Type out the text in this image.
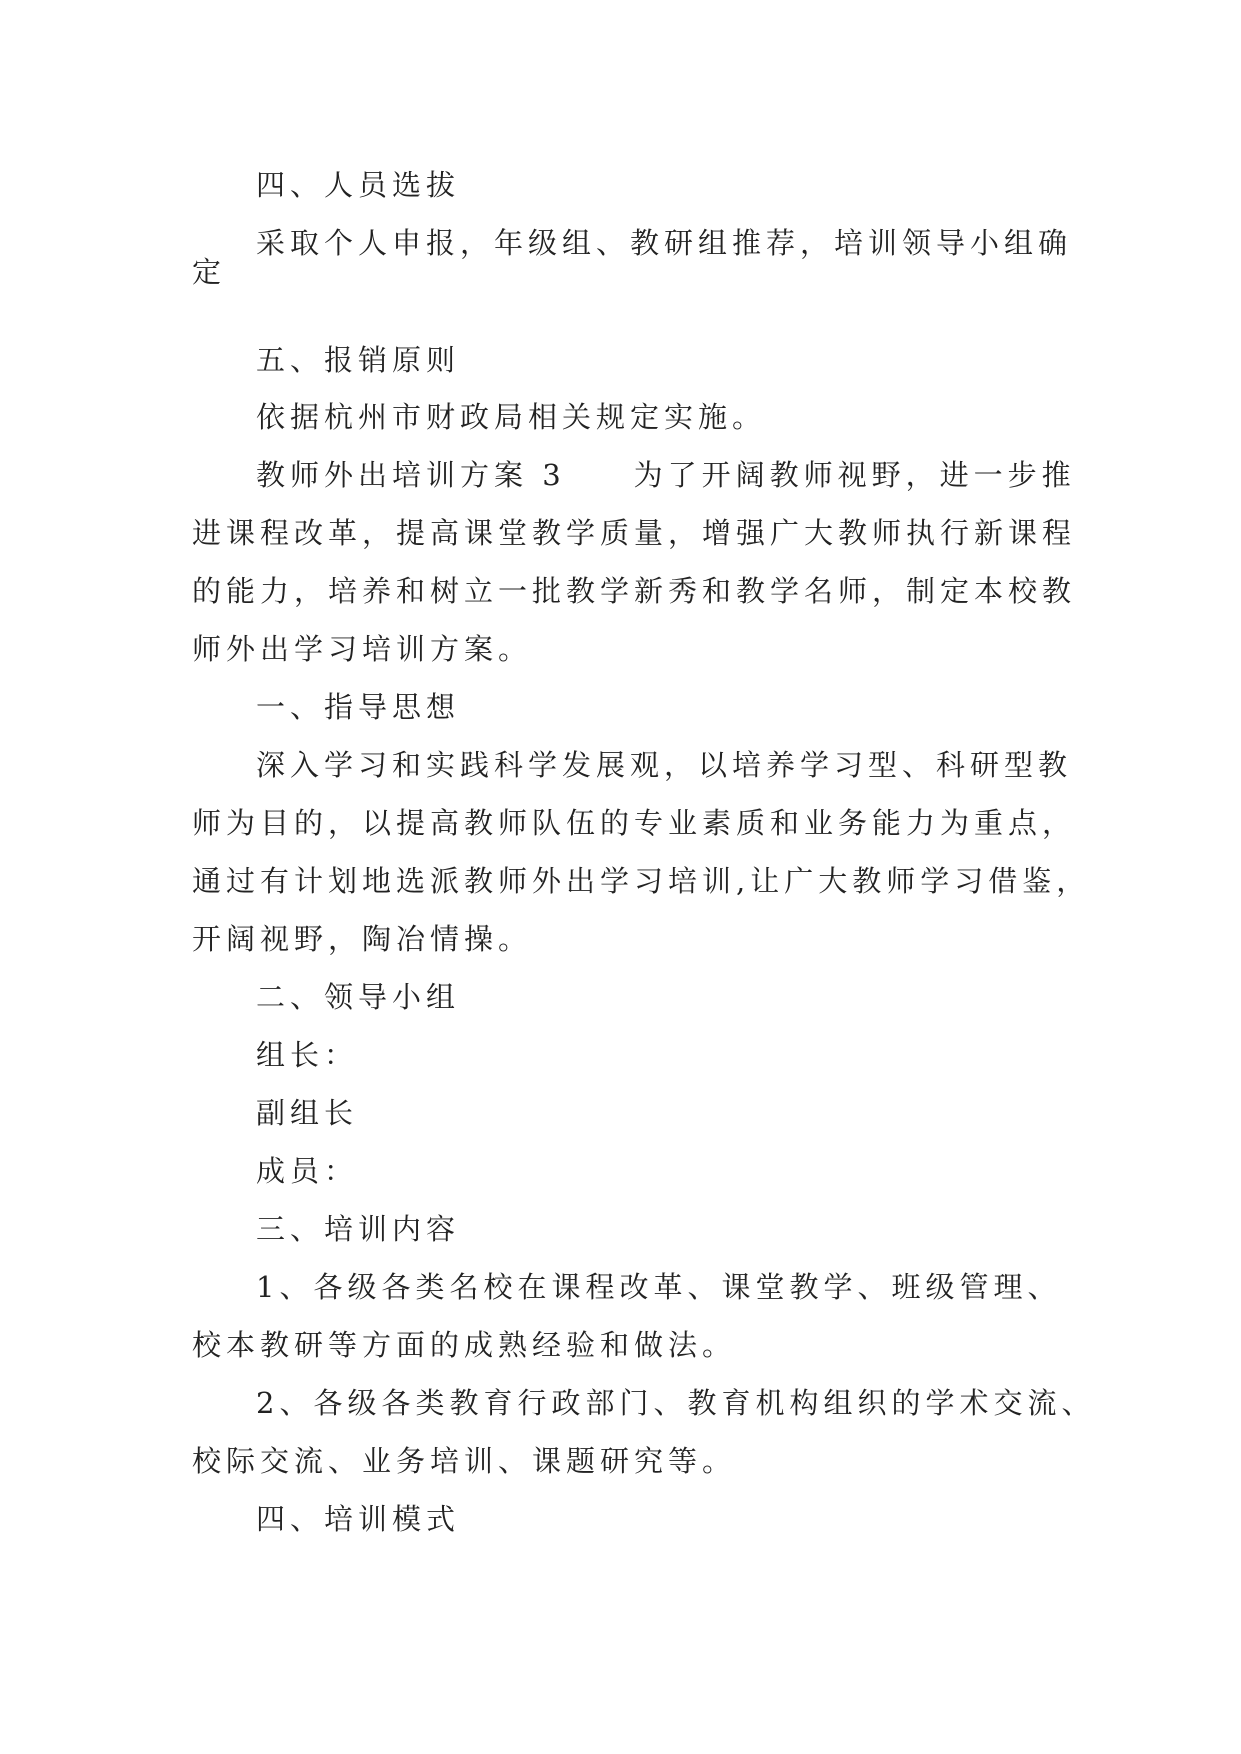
四、人员选拔
采取个人申报，年级组、教研组推荐，培训领导小组确
定
五、报销原则
依据杭州市财政局相关规定实施。
教师外出培训方案 3　　为了开阔教师视野，进一步推
进课程改革，提高课堂教学质量，增强广大教师执行新课程
的能力，培养和树立一批教学新秀和教学名师，制定本校教
师外出学习培训方案。
一、指导思想
深入学习和实践科学发展观，以培养学习型、科研型教
师为目的，以提高教师队伍的专业素质和业务能力为重点，
通过有计划地选派教师外出学习培训,让广大教师学习借鉴，
开阔视野，陶冶情操。
二、领导小组
组长：
副组长
成员：
三、培训内容
1、各级各类名校在课程改革、课堂教学、班级管理、
校本教研等方面的成熟经验和做法。
2、各级各类教育行政部门、教育机构组织的学术交流、
校际交流、业务培训、课题研究等。
四、培训模式
